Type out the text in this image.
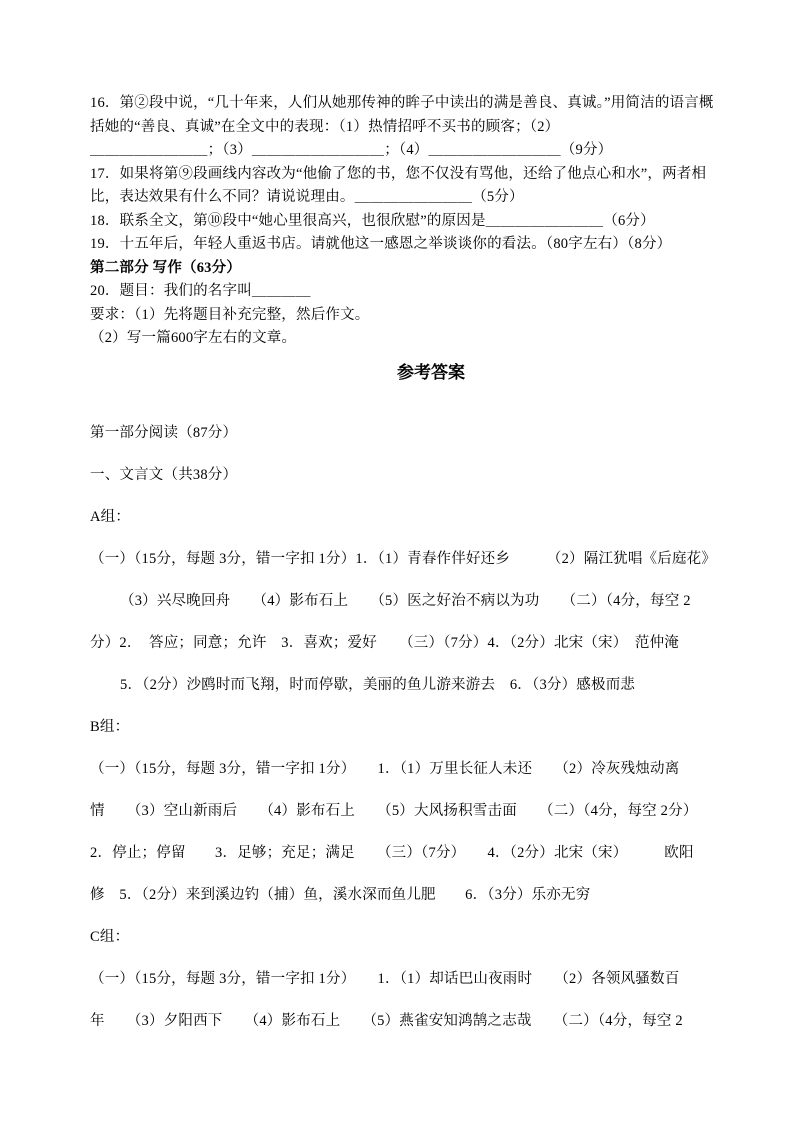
16．第②段中说，“几十年来，人们从她那传神的眸子中读出的满是善良、真诚。”用简洁的语言概
括她的“善良、真诚”在全文中的表现：（1）热情招呼不买书的顾客；（2）
＿＿＿＿＿＿＿＿；（3）＿＿＿＿＿＿＿＿＿；（4）＿＿＿＿＿＿＿＿＿（9分）
17．如果将第⑨段画线内容改为“他偷了您的书，您不仅没有骂他，还给了他点心和水”，两者相
比，表达效果有什么不同？请说说理由。＿＿＿＿＿＿＿＿（5分）
18．联系全文，第⑩段中“她心里很高兴，也很欣慰”的原因是＿＿＿＿＿＿＿＿（6分）
19．十五年后，年轻人重返书店。请就他这一感恩之举谈谈你的看法。（80字左右）（8分）
第二部分 写作（63分）
20．题目：我们的名字叫＿＿＿＿
要求：（1）先将题目补充完整，然后作文。
（2）写一篇600字左右的文章。
参考答案
第一部分阅读（87分）
一、文言文（共38分）
A组：
（一）（15分，每题 3分，错一字扣 1分）1．（1）青春作伴好还乡　　　（2）隔江犹唱《后庭花》
（3）兴尽晚回舟　　（4）影布石上　　（5）医之好治不病以为功　　（二）（4分，每空 2
分）2．　答应；同意；允许　3．喜欢；爱好　　（三）（7分）4．（2分）北宋（宋）　范仲淹
5．（2分）沙鸥时而飞翔，时而停歇，美丽的鱼儿游来游去　6．（3分）感极而悲
B组：
（一）（15分，每题 3分，错一字扣 1分）　　1．（1）万里长征人未还　　（2）冷灰残烛动离
情　　（3）空山新雨后　　（4）影布石上　　（5）大风扬积雪击面　　（二）（4分，每空 2分）
2．停止；停留　　3．足够；充足；满足　　（三）（7分）　　4．（2分）北宋（宋）　　　欧阳
修　5．（2分）来到溪边钓（捕）鱼，溪水深而鱼儿肥　　6．（3分）乐亦无穷
C组：
（一）（15分，每题 3分，错一字扣 1分）　　1．（1）却话巴山夜雨时　　（2）各领风骚数百
年　　（3）夕阳西下　　（4）影布石上　　（5）燕雀安知鸿鹄之志哉　　（二）（4分，每空 2
